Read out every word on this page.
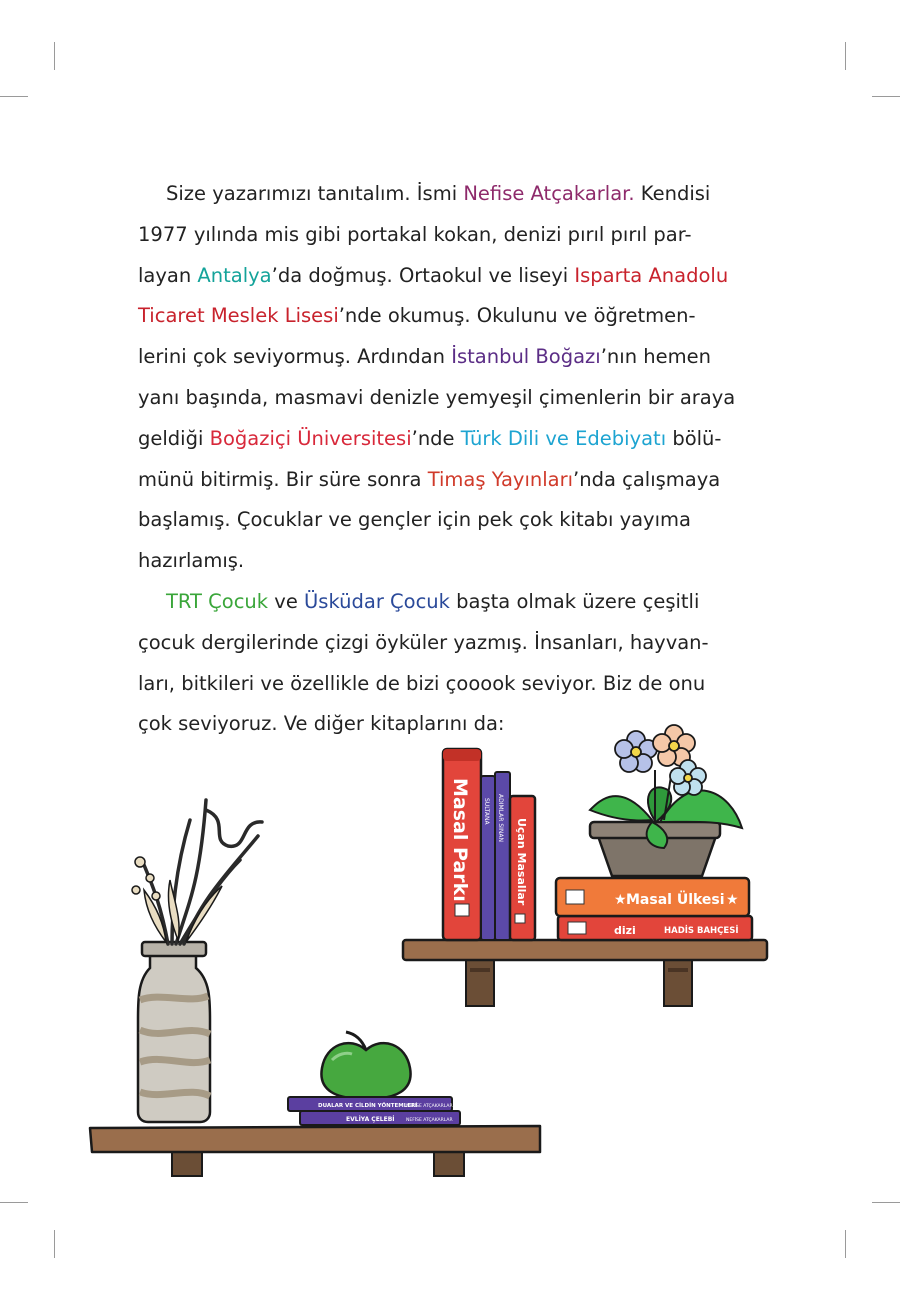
Size yazarımızı tanıtalım. İsmi Nefise Atçakarlar. Kendisi
1977 yılında mis gibi portakal kokan, denizi pırıl pırıl par-
layan Antalya’da doğmuş. Ortaokul ve liseyi Isparta Anadolu
Ticaret Meslek Lisesi’nde okumuş. Okulunu ve öğretmen-
lerini çok seviyormuş. Ardından İstanbul Boğazı’nın hemen
yanı başında, masmavi denizle yemyeşil çimenlerin bir araya
geldiği Boğaziçi Üniversitesi’nde Türk Dili ve Edebiyatı bölü-
münü bitirmiş. Bir süre sonra Timaş Yayınları’nda çalışmaya
başlamış. Çocuklar ve gençler için pek çok kitabı yayıma
hazırlamış.

TRT Çocuk ve Üsküdar Çocuk başta olmak üzere çeşitli
çocuk dergilerinde çizgi öyküler yazmış. İnsanları, hayvan-
ları, bitkileri ve özellikle de bizi çooook seviyor. Biz de onu
çok seviyoruz. Ve diğer kitaplarını da:

Masal Parkı SULTANA ADIMLAR SINAN Uçan Masallar
dizi	HADİS BAHÇESİ
★ Masal Ülkesi ★
DUALAR VE CİLDİN YÖNTEMLERİ
NEFİSE ATÇAKARLAR
EVLİYA ÇELEBİ	NEFİSE ATÇAKARLAR
